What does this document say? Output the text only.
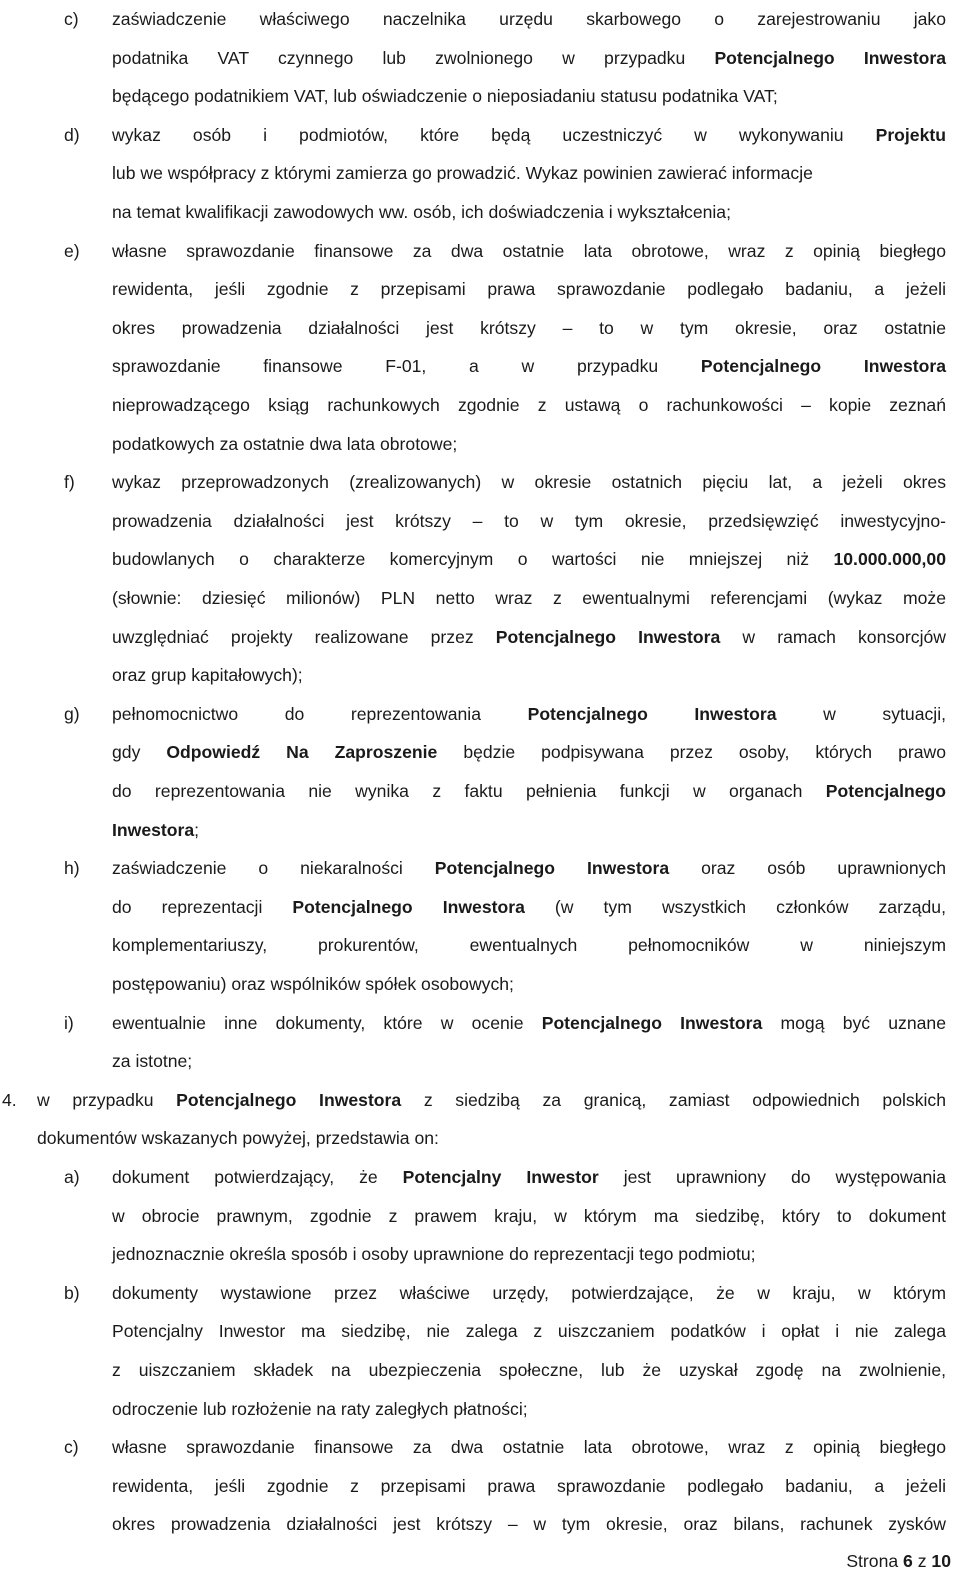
c) zaświadczenie właściwego naczelnika urzędu skarbowego o zarejestrowaniu jako
podatnika VAT czynnego lub zwolnionego w przypadku Potencjalnego Inwestora
będącego podatnikiem VAT, lub oświadczenie o nieposiadaniu statusu podatnika VAT;
d) wykaz osób i podmiotów, które będą uczestniczyć w wykonywaniu Projektu
lub we współpracy z którymi zamierza go prowadzić. Wykaz powinien zawierać informacje
na temat kwalifikacji zawodowych ww. osób, ich doświadczenia i wykształcenia;
e) własne sprawozdanie finansowe za dwa ostatnie lata obrotowe, wraz z opinią biegłego
rewidenta, jeśli zgodnie z przepisami prawa sprawozdanie podlegało badaniu, a jeżeli
okres prowadzenia działalności jest krótszy – to w tym okresie, oraz ostatnie
sprawozdanie finansowe F-01, a w przypadku Potencjalnego Inwestora
nieprowadzącego ksiąg rachunkowych zgodnie z ustawą o rachunkowości – kopie zeznań
podatkowych za ostatnie dwa lata obrotowe;
f) wykaz przeprowadzonych (zrealizowanych) w okresie ostatnich pięciu lat, a jeżeli okres
prowadzenia działalności jest krótszy – to w tym okresie, przedsięwzięć inwestycyjno-
budowlanych o charakterze komercyjnym o wartości nie mniejszej niż 10.000.000,00
(słownie: dziesięć milionów) PLN netto wraz z ewentualnymi referencjami (wykaz może
uwzględniać projekty realizowane przez Potencjalnego Inwestora w ramach konsorcjów
oraz grup kapitałowych);
g) pełnomocnictwo do reprezentowania Potencjalnego Inwestora w sytuacji,
gdy Odpowiedź Na Zaproszenie będzie podpisywana przez osoby, których prawo
do reprezentowania nie wynika z faktu pełnienia funkcji w organach Potencjalnego
Inwestora;
h) zaświadczenie o niekaralności Potencjalnego Inwestora oraz osób uprawnionych
do reprezentacji Potencjalnego Inwestora (w tym wszystkich członków zarządu,
komplementariuszy, prokurentów, ewentualnych pełnomocników w niniejszym
postępowaniu) oraz wspólników spółek osobowych;
i) ewentualnie inne dokumenty, które w ocenie Potencjalnego Inwestora mogą być uznane
za istotne;
4. w przypadku Potencjalnego Inwestora z siedzibą za granicą, zamiast odpowiednich polskich
dokumentów wskazanych powyżej, przedstawia on:
a) dokument potwierdzający, że Potencjalny Inwestor jest uprawniony do występowania
w obrocie prawnym, zgodnie z prawem kraju, w którym ma siedzibę, który to dokument
jednoznacznie określa sposób i osoby uprawnione do reprezentacji tego podmiotu;
b) dokumenty wystawione przez właściwe urzędy, potwierdzające, że w kraju, w którym
Potencjalny Inwestor ma siedzibę, nie zalega z uiszczaniem podatków i opłat i nie zalega
z uiszczaniem składek na ubezpieczenia społeczne, lub że uzyskał zgodę na zwolnienie,
odroczenie lub rozłożenie na raty zaległych płatności;
c) własne sprawozdanie finansowe za dwa ostatnie lata obrotowe, wraz z opinią biegłego
rewidenta, jeśli zgodnie z przepisami prawa sprawozdanie podlegało badaniu, a jeżeli
okres prowadzenia działalności jest krótszy – w tym okresie, oraz bilans, rachunek zysków
Strona 6 z 10
